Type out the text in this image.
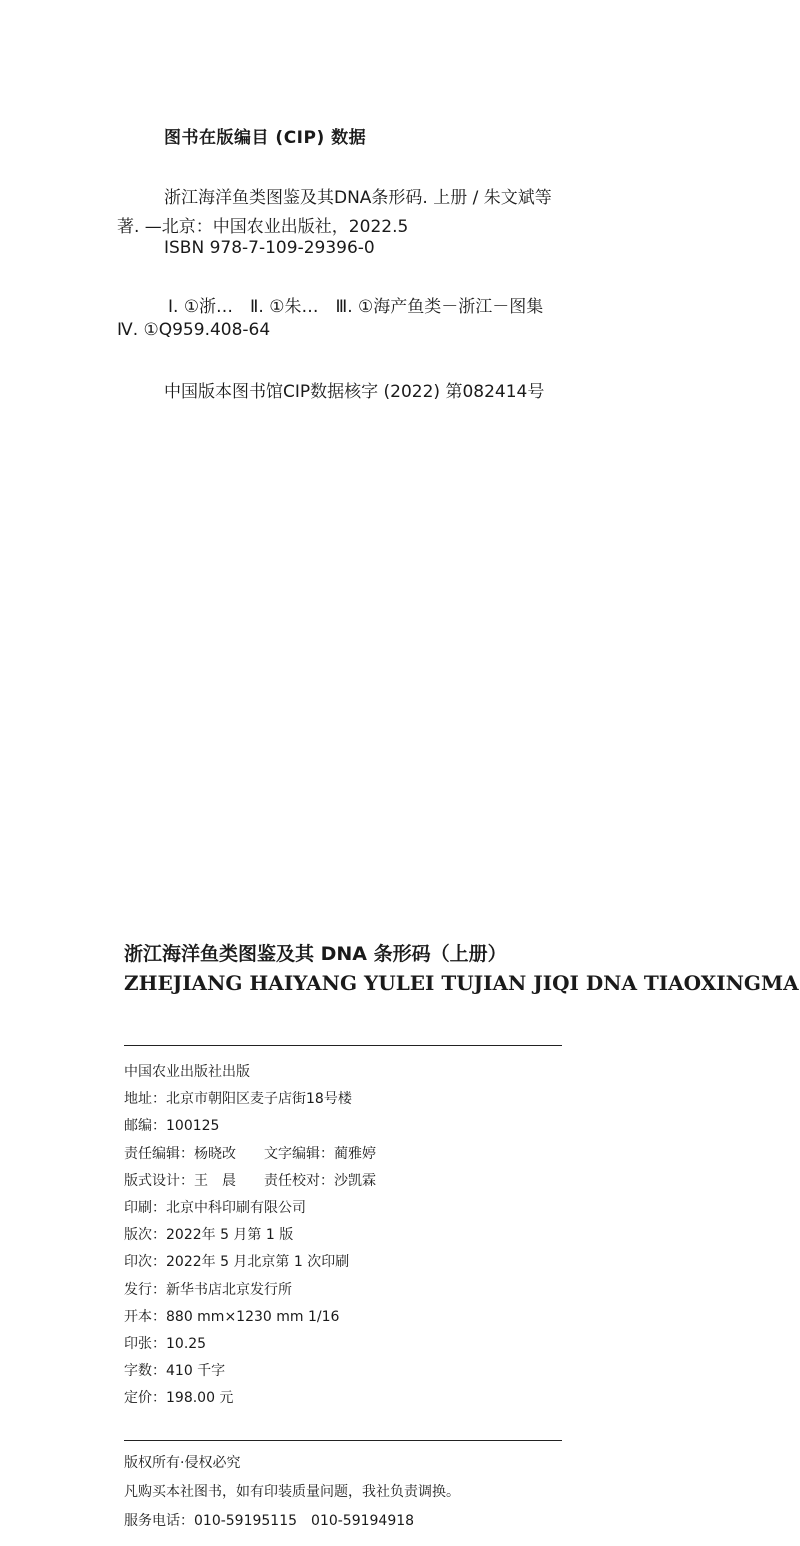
图书在版编目 (CIP) 数据
浙江海洋鱼类图鉴及其DNA条形码. 上册 / 朱文斌等
著. —北京：中国农业出版社，2022.5
ISBN 978-7-109-29396-0
Ⅰ. ①浙…　Ⅱ. ①朱…　Ⅲ. ①海产鱼类－浙江－图集
Ⅳ. ①Q959.408-64
中国版本图书馆CIP数据核字 (2022) 第082414号
浙江海洋鱼类图鉴及其 DNA 条形码（上册）
ZHEJIANG HAIYANG YULEI TUJIAN JIQI DNA TIAOXINGMA
中国农业出版社出版
地址：北京市朝阳区麦子店街18号楼
邮编：100125
责任编辑：杨晓改　　文字编辑：蔺雅婷
版式设计：王　晨　　责任校对：沙凯霖
印刷：北京中科印刷有限公司
版次：2022年 5 月第 1 版
印次：2022年 5 月北京第 1 次印刷
发行：新华书店北京发行所
开本：880 mm×1230 mm 1/16
印张：10.25
字数：410 千字
定价：198.00 元
版权所有·侵权必究
凡购买本社图书，如有印装质量问题，我社负责调换。
服务电话：010-59195115　010-59194918
